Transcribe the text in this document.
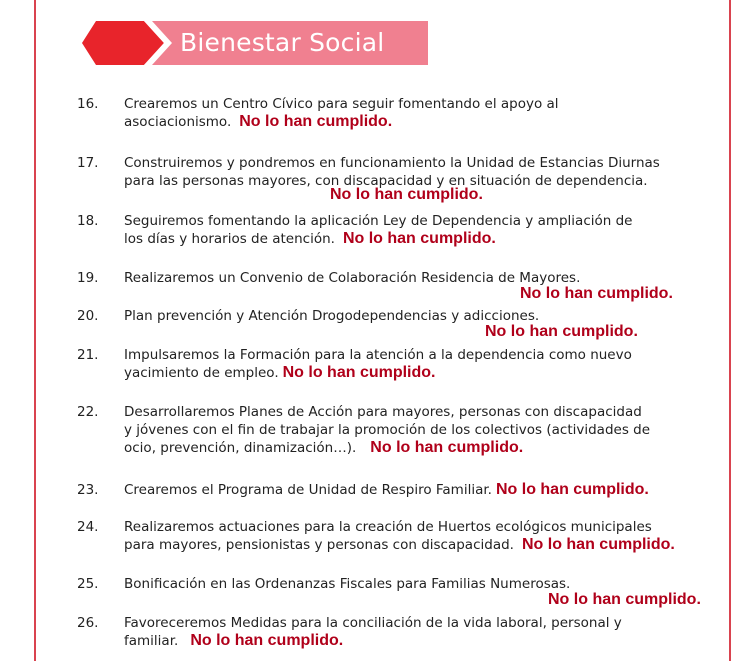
Bienestar Social
16. Crearemos un Centro Cívico para seguir fomentando el apoyo al
asociacionismo. No lo han cumplido.
17. Construiremos y pondremos en funcionamiento la Unidad de Estancias Diurnas
para las personas mayores, con discapacidad y en situación de dependencia.
No lo han cumplido.
18. Seguiremos fomentando la aplicación Ley de Dependencia y ampliación de
los días y horarios de atención. No lo han cumplido.
19. Realizaremos un Convenio de Colaboración Residencia de Mayores.
No lo han cumplido.
20. Plan prevención y Atención Drogodependencias y adicciones.
No lo han cumplido.
21. Impulsaremos la Formación para la atención a la dependencia como nuevo
yacimiento de empleo. No lo han cumplido.
22. Desarrollaremos Planes de Acción para mayores, personas con discapacidad
y jóvenes con el fin de trabajar la promoción de los colectivos (actividades de
ocio, prevención, dinamización…). No lo han cumplido.
23. Crearemos el Programa de Unidad de Respiro Familiar. No lo han cumplido.
24. Realizaremos actuaciones para la creación de Huertos ecológicos municipales
para mayores, pensionistas y personas con discapacidad. No lo han cumplido.
25. Bonificación en las Ordenanzas Fiscales para Familias Numerosas.
No lo han cumplido.
26. Favoreceremos Medidas para la conciliación de la vida laboral, personal y
familiar. No lo han cumplido.
